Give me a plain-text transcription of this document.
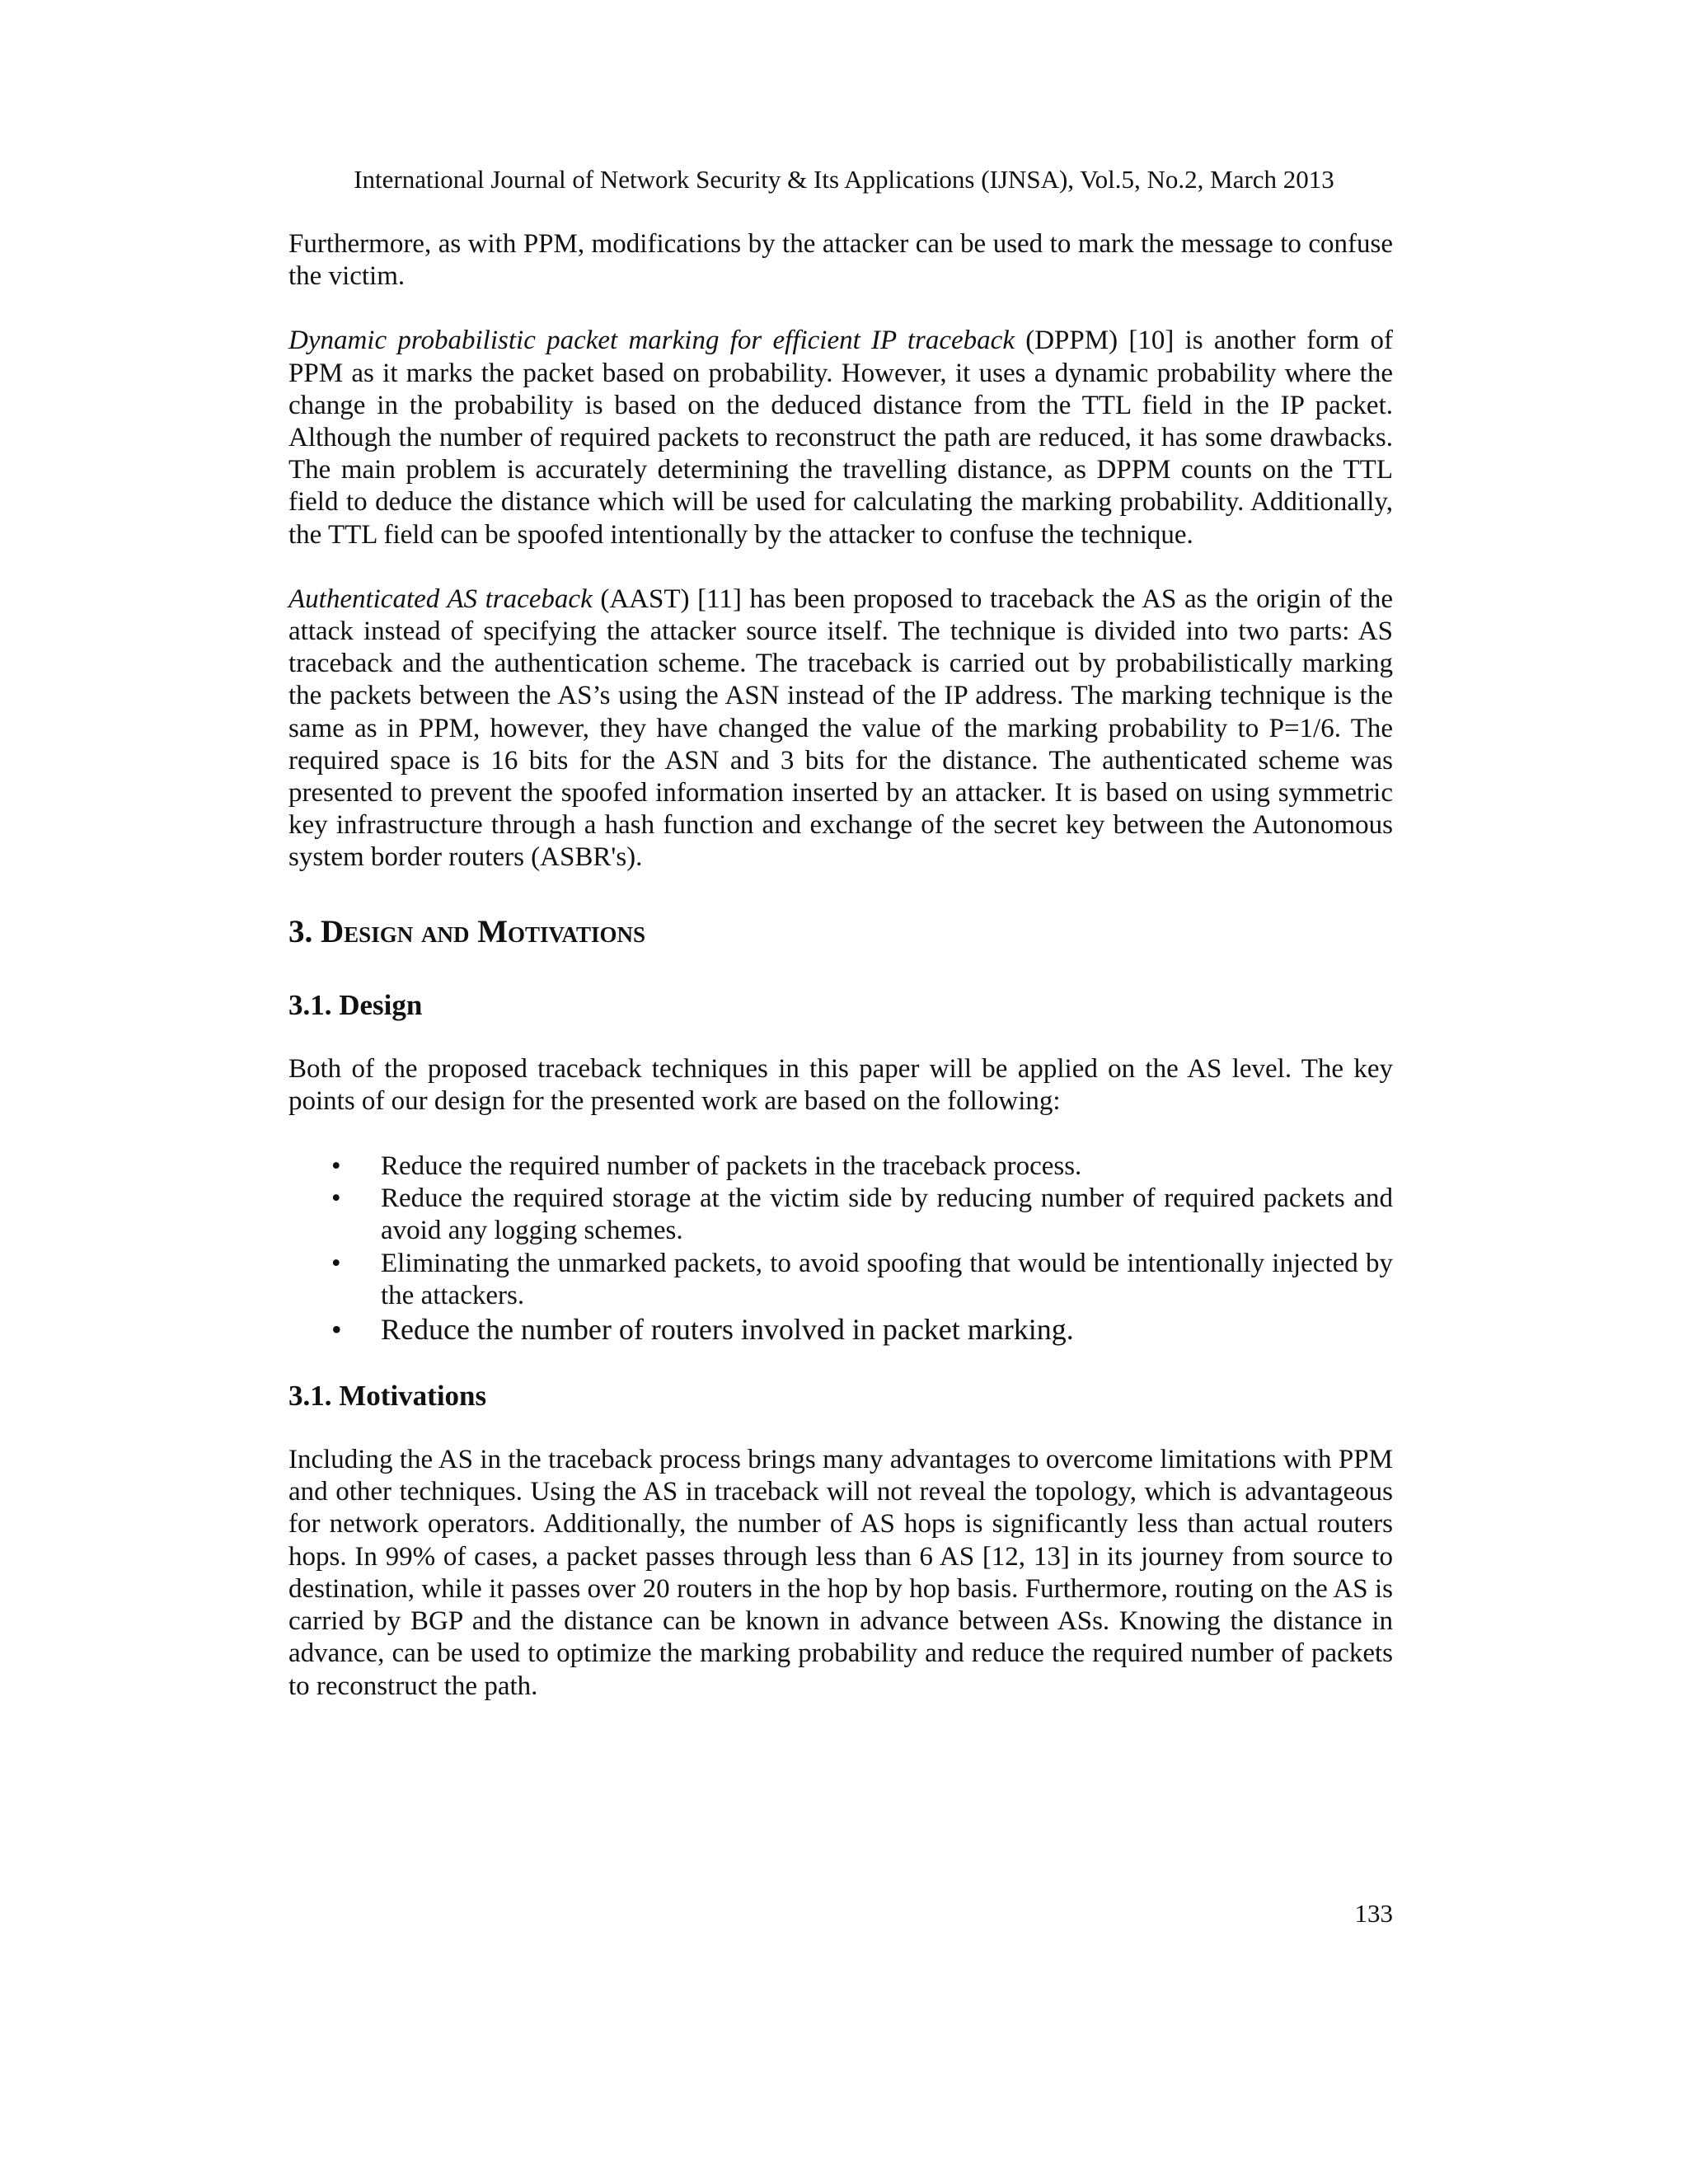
International Journal of Network Security & Its Applications (IJNSA), Vol.5, No.2, March 2013

Furthermore, as with PPM, modifications by the attacker can be used to mark the message to confuse the victim.

Dynamic probabilistic packet marking for efficient IP traceback (DPPM) [10] is another form of PPM as it marks the packet based on probability. However, it uses a dynamic probability where the change in the probability is based on the deduced distance from the TTL field in the IP packet. Although the number of required packets to reconstruct the path are reduced, it has some drawbacks. The main problem is accurately determining the travelling distance, as DPPM counts on the TTL field to deduce the distance which will be used for calculating the marking probability. Additionally, the TTL field can be spoofed intentionally by the attacker to confuse the technique.

Authenticated AS traceback (AAST) [11] has been proposed to traceback the AS as the origin of the attack instead of specifying the attacker source itself. The technique is divided into two parts: AS traceback and the authentication scheme. The traceback is carried out by probabilistically marking the packets between the AS’s using the ASN instead of the IP address. The marking technique is the same as in PPM, however, they have changed the value of the marking probability to P=1/6. The required space is 16 bits for the ASN and 3 bits for the distance. The authenticated scheme was presented to prevent the spoofed information inserted by an attacker. It is based on using symmetric key infrastructure through a hash function and exchange of the secret key between the Autonomous system border routers (ASBR's).

3. Design and Motivations
3.1. Design

Both of the proposed traceback techniques in this paper will be applied on the AS level. The key points of our design for the presented work are based on the following:

• Reduce the required number of packets in the traceback process.
• Reduce the required storage at the victim side by reducing number of required packets and avoid any logging schemes.
• Eliminating the unmarked packets, to avoid spoofing that would be intentionally injected by the attackers.
• Reduce the number of routers involved in packet marking.
3.1. Motivations

Including the AS in the traceback process brings many advantages to overcome limitations with PPM and other techniques. Using the AS in traceback will not reveal the topology, which is advantageous for network operators. Additionally, the number of AS hops is significantly less than actual routers hops. In 99% of cases, a packet passes through less than 6 AS [12, 13] in its journey from source to destination, while it passes over 20 routers in the hop by hop basis. Furthermore, routing on the AS is carried by BGP and the distance can be known in advance between ASs. Knowing the distance in advance, can be used to optimize the marking probability and reduce the required number of packets to reconstruct the path.

133
